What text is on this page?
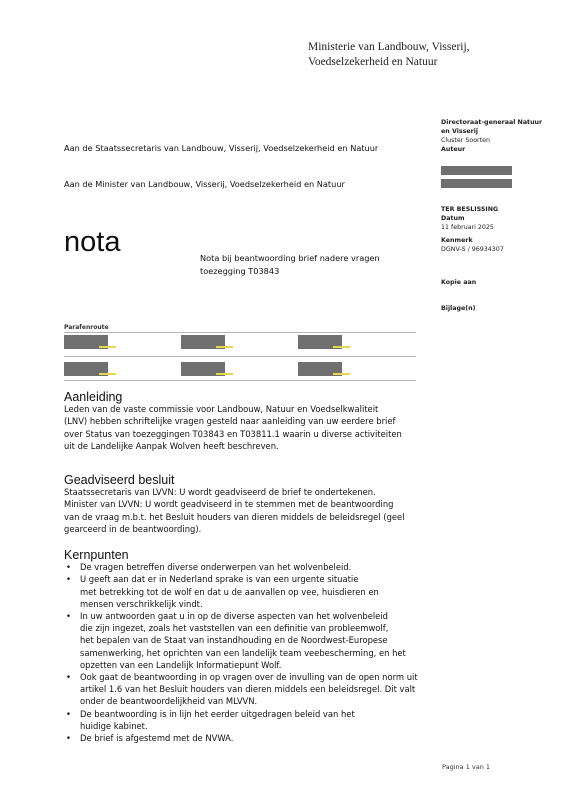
Ministerie van Landbouw, Visserij,
Voedselzekerheid en Natuur
Directoraat-generaal Natuur
en Visserij
Cluster Soorten
Auteur
TER BESLISSING
Datum
11 februari 2025
Kenmerk
DGNV-S / 96934307
Kopie aan
Bijlage(n)
Aan de Staatssecretaris van Landbouw, Visserij, Voedselzekerheid en Natuur
Aan de Minister van Landbouw, Visserij, Voedselzekerheid en Natuur
nota	Nota bij beantwoording brief nadere vragen
toezegging T03843
Parafenroute
Aanleiding
Leden van de vaste commissie voor Landbouw, Natuur en Voedselkwaliteit
(LNV) hebben schriftelijke vragen gesteld naar aanleiding van uw eerdere brief
over Status van toezeggingen T03843 en T03811.1 waarin u diverse activiteiten
uit de Landelijke Aanpak Wolven heeft beschreven.
Geadviseerd besluit
Staatssecretaris van LVVN: U wordt geadviseerd de brief te ondertekenen.
Minister van LVVN: U wordt geadviseerd in te stemmen met de beantwoording
van de vraag m.b.t. het Besluit houders van dieren middels de beleidsregel (geel
gearceerd in de beantwoording).
Kernpunten
• De vragen betreffen diverse onderwerpen van het wolvenbeleid.
• U geeft aan dat er in Nederland sprake is van een urgente situatie
met betrekking tot de wolf en dat u de aanvallen op vee, huisdieren en
mensen verschrikkelijk vindt.
• In uw antwoorden gaat u in op de diverse aspecten van het wolvenbeleid
die zijn ingezet, zoals het vaststellen van een definitie van probleemwolf,
het bepalen van de Staat van instandhouding en de Noordwest-Europese
samenwerking, het oprichten van een landelijk team veebescherming, en het
opzetten van een Landelijk Informatiepunt Wolf.
• Ook gaat de beantwoording in op vragen over de invulling van de open norm uit
artikel 1.6 van het Besluit houders van dieren middels een beleidsregel. Dit valt
onder de beantwoordelijkheid van MLVVN.
• De beantwoording is in lijn het eerder uitgedragen beleid van het
huidige kabinet.
• De brief is afgestemd met de NVWA.
Pagina 1 van 1
